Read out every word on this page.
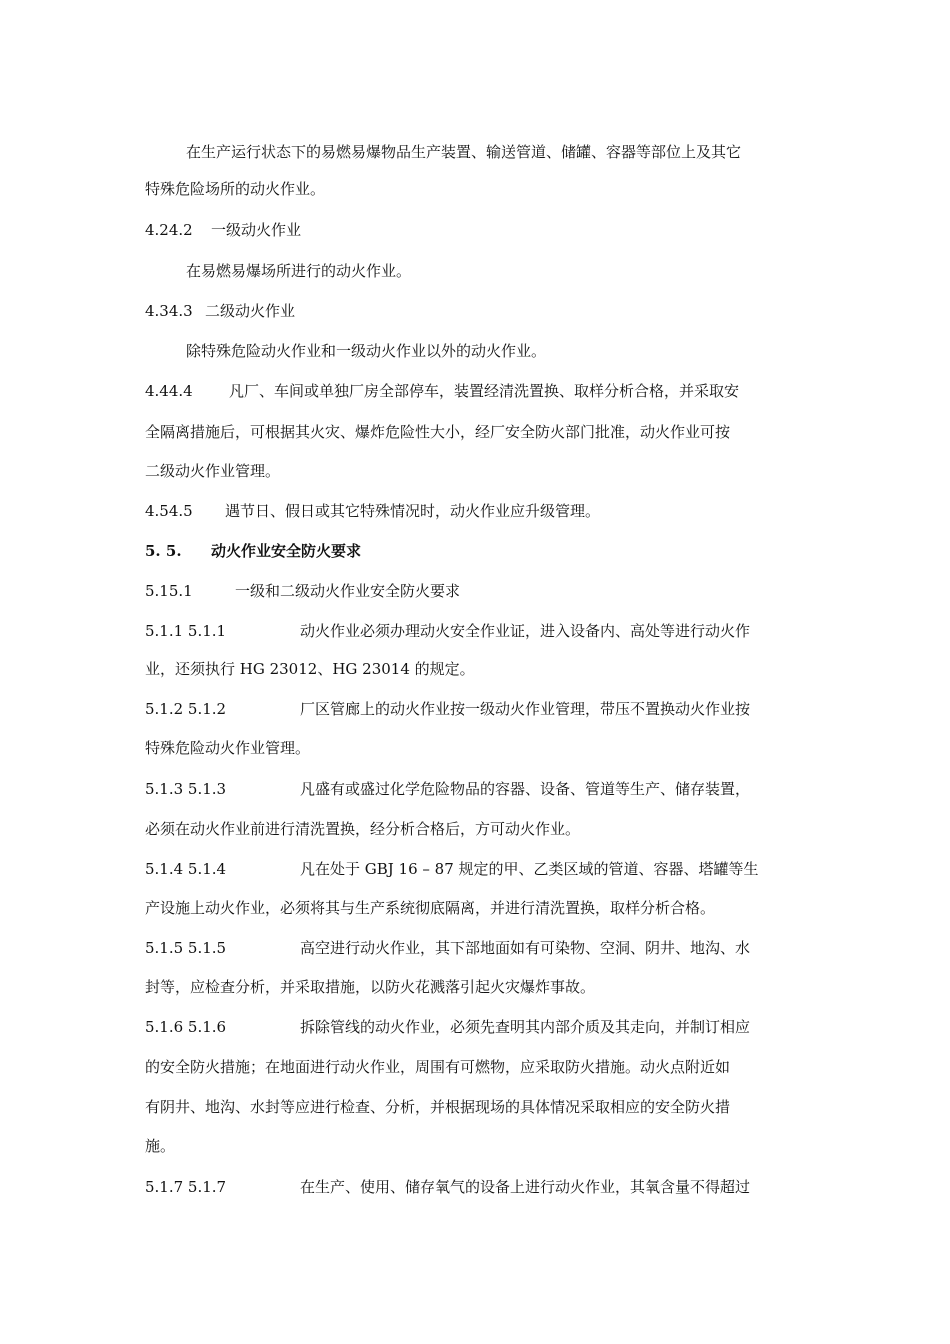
在生产运行状态下的易燃易爆物品生产装置、输送管道、储罐、容器等部位上及其它
特殊危险场所的动火作业。
4.24.2 一级动火作业
在易燃易爆场所进行的动火作业。
4.34.3 二级动火作业
除特殊危险动火作业和一级动火作业以外的动火作业。
4.44.4 凡厂、车间或单独厂房全部停车，装置经清洗置换、取样分析合格，并采取安
全隔离措施后，可根据其火灾、爆炸危险性大小，经厂安全防火部门批准，动火作业可按
二级动火作业管理。
4.54.5 遇节日、假日或其它特殊情况时，动火作业应升级管理。
5. 5. 动火作业安全防火要求
5.15.1	一级和二级动火作业安全防火要求
5.1.1 5.1.1	动火作业必须办理动火安全作业证，进入设备内、高处等进行动火作
业，还须执行 HG 23012、HG 23014 的规定。
5.1.2 5.1.2	厂区管廊上的动火作业按一级动火作业管理，带压不置换动火作业按
特殊危险动火作业管理。
5.1.3 5.1.3	凡盛有或盛过化学危险物品的容器、设备、管道等生产、储存装置，
必须在动火作业前进行清洗置换，经分析合格后，方可动火作业。
5.1.4 5.1.4	凡在处于 GBJ 16 – 87 规定的甲、乙类区域的管道、容器、塔罐等生
产设施上动火作业，必须将其与生产系统彻底隔离，并进行清洗置换，取样分析合格。
5.1.5 5.1.5	高空进行动火作业，其下部地面如有可染物、空洞、阴井、地沟、水
封等，应检查分析，并采取措施，以防火花溅落引起火灾爆炸事故。
5.1.6 5.1.6	拆除管线的动火作业，必须先查明其内部介质及其走向，并制订相应
的安全防火措施；在地面进行动火作业，周围有可燃物，应采取防火措施。动火点附近如
有阴井、地沟、水封等应进行检查、分析，并根据现场的具体情况采取相应的安全防火措
施。
5.1.7 5.1.7	在生产、使用、储存氧气的设备上进行动火作业，其氧含量不得超过
